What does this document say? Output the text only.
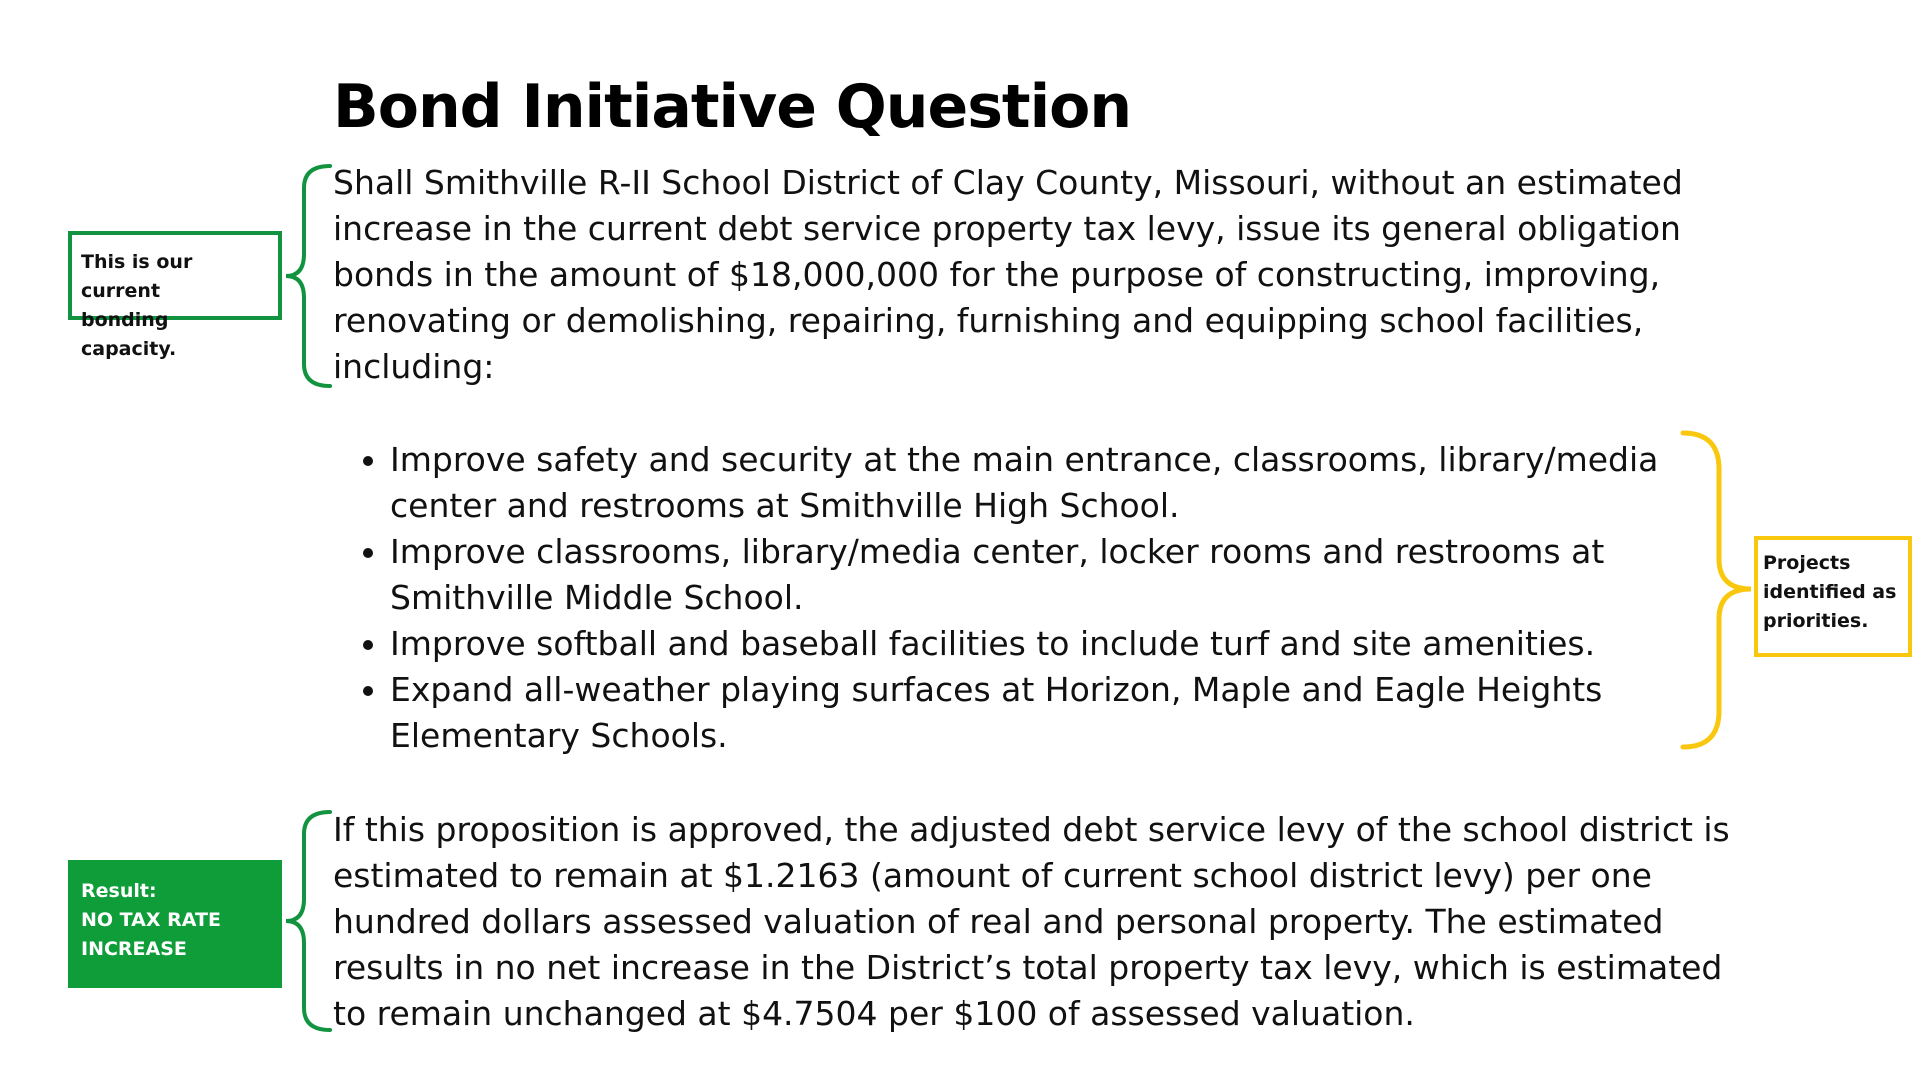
Bond Initiative Question

Shall Smithville R-II School District of Clay County, Missouri, without an estimated increase in the current debt service property tax levy, issue its general obligation bonds in the amount of $18,000,000 for the purpose of constructing, improving, renovating or demolishing, repairing, furnishing and equipping school facilities, including:

Improve safety and security at the main entrance, classrooms, library/media center and restrooms at Smithville High School.
Improve classrooms, library/media center, locker rooms and restrooms at Smithville Middle School.
Improve softball and baseball facilities to include turf and site amenities.
Expand all-weather playing surfaces at Horizon, Maple and Eagle Heights Elementary Schools.

If this proposition is approved, the adjusted debt service levy of the school district is estimated to remain at $1.2163 (amount of current school district levy) per one hundred dollars assessed valuation of real and personal property. The estimated results in no net increase in the District’s total property tax levy, which is estimated to remain unchanged at $4.7504 per $100 of assessed valuation.

This is our current
bonding capacity.
Projects
identified as
priorities.
Result:
NO TAX RATE
INCREASE
